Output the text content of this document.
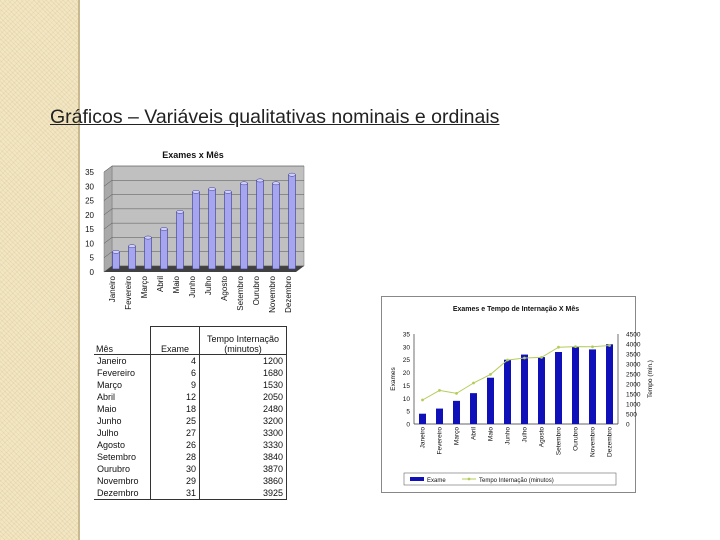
Gráficos – Variáveis qualitativas nominais e ordinais
Exames x Mês
0
5
10
15
20
25
30
35
Janeiro Fevereiro Março Abril Maio Junho Julho Agosto Setembro Ourubro Novembro Dezembro
Mês	Exame	Tempo Internação (minutos)
Janeiro	4	1200
Fevereiro	6	1680
Março	9	1530
Abril	12	2050
Maio	18	2480
Junho	25	3200
Julho	27	3300
Agosto	26	3330
Setembro	28	3840
Ourubro	30	3870
Novembro	29	3860
Dezembro	31	3925
Exames e Tempo de Internação X Mês
0
5
10
15
20
25
30
35
0
500
1000
1500
2000
2500
3000
3500
4000
4500
Exames	Tempo (min.)
Janeiro Fevereiro Março Abril Maio Junho Julho Agosto Setembro Ourubro Novembro Dezembro
Exame	Tempo Internação (minutos)
